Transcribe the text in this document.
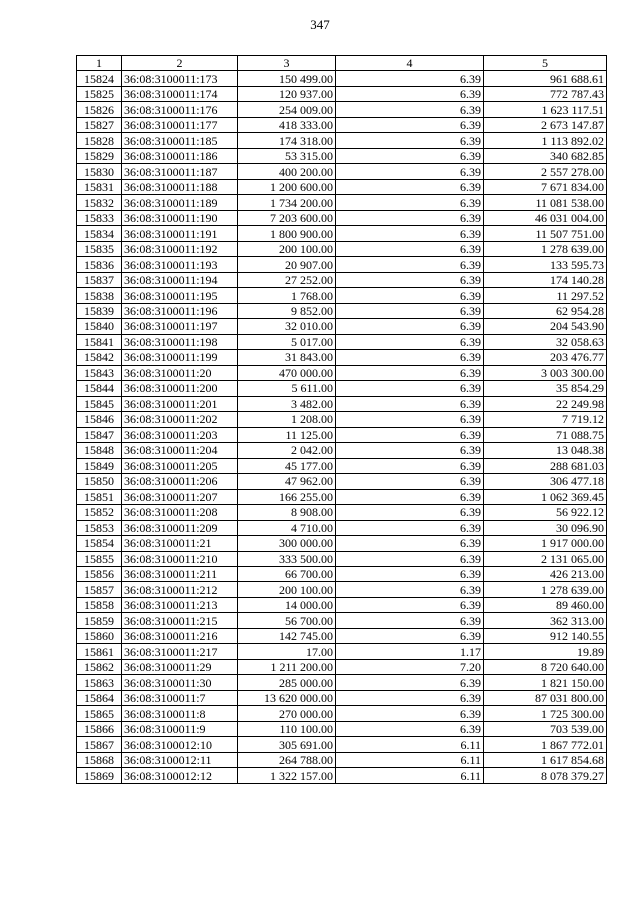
347
1	2	3	4	5
15824	36:08:3100011:173	150 499.00	6.39	961 688.61
15825	36:08:3100011:174	120 937.00	6.39	772 787.43
15826	36:08:3100011:176	254 009.00	6.39	1 623 117.51
15827	36:08:3100011:177	418 333.00	6.39	2 673 147.87
15828	36:08:3100011:185	174 318.00	6.39	1 113 892.02
15829	36:08:3100011:186	53 315.00	6.39	340 682.85
15830	36:08:3100011:187	400 200.00	6.39	2 557 278.00
15831	36:08:3100011:188	1 200 600.00	6.39	7 671 834.00
15832	36:08:3100011:189	1 734 200.00	6.39	11 081 538.00
15833	36:08:3100011:190	7 203 600.00	6.39	46 031 004.00
15834	36:08:3100011:191	1 800 900.00	6.39	11 507 751.00
15835	36:08:3100011:192	200 100.00	6.39	1 278 639.00
15836	36:08:3100011:193	20 907.00	6.39	133 595.73
15837	36:08:3100011:194	27 252.00	6.39	174 140.28
15838	36:08:3100011:195	1 768.00	6.39	11 297.52
15839	36:08:3100011:196	9 852.00	6.39	62 954.28
15840	36:08:3100011:197	32 010.00	6.39	204 543.90
15841	36:08:3100011:198	5 017.00	6.39	32 058.63
15842	36:08:3100011:199	31 843.00	6.39	203 476.77
15843	36:08:3100011:20	470 000.00	6.39	3 003 300.00
15844	36:08:3100011:200	5 611.00	6.39	35 854.29
15845	36:08:3100011:201	3 482.00	6.39	22 249.98
15846	36:08:3100011:202	1 208.00	6.39	7 719.12
15847	36:08:3100011:203	11 125.00	6.39	71 088.75
15848	36:08:3100011:204	2 042.00	6.39	13 048.38
15849	36:08:3100011:205	45 177.00	6.39	288 681.03
15850	36:08:3100011:206	47 962.00	6.39	306 477.18
15851	36:08:3100011:207	166 255.00	6.39	1 062 369.45
15852	36:08:3100011:208	8 908.00	6.39	56 922.12
15853	36:08:3100011:209	4 710.00	6.39	30 096.90
15854	36:08:3100011:21	300 000.00	6.39	1 917 000.00
15855	36:08:3100011:210	333 500.00	6.39	2 131 065.00
15856	36:08:3100011:211	66 700.00	6.39	426 213.00
15857	36:08:3100011:212	200 100.00	6.39	1 278 639.00
15858	36:08:3100011:213	14 000.00	6.39	89 460.00
15859	36:08:3100011:215	56 700.00	6.39	362 313.00
15860	36:08:3100011:216	142 745.00	6.39	912 140.55
15861	36:08:3100011:217	17.00	1.17	19.89
15862	36:08:3100011:29	1 211 200.00	7.20	8 720 640.00
15863	36:08:3100011:30	285 000.00	6.39	1 821 150.00
15864	36:08:3100011:7	13 620 000.00	6.39	87 031 800.00
15865	36:08:3100011:8	270 000.00	6.39	1 725 300.00
15866	36:08:3100011:9	110 100.00	6.39	703 539.00
15867	36:08:3100012:10	305 691.00	6.11	1 867 772.01
15868	36:08:3100012:11	264 788.00	6.11	1 617 854.68
15869	36:08:3100012:12	1 322 157.00	6.11	8 078 379.27
